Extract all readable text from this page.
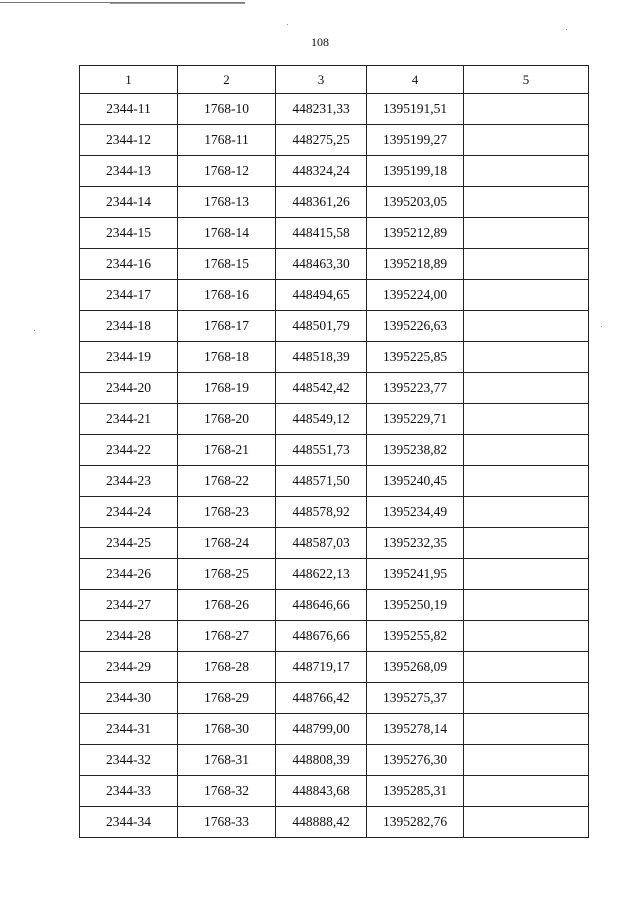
108
1	2	3	4	5
2344-11	1768-10	448231,33	1395191,51	
2344-12	1768-11	448275,25	1395199,27	
2344-13	1768-12	448324,24	1395199,18	
2344-14	1768-13	448361,26	1395203,05	
2344-15	1768-14	448415,58	1395212,89	
2344-16	1768-15	448463,30	1395218,89	
2344-17	1768-16	448494,65	1395224,00	
2344-18	1768-17	448501,79	1395226,63	
2344-19	1768-18	448518,39	1395225,85	
2344-20	1768-19	448542,42	1395223,77	
2344-21	1768-20	448549,12	1395229,71	
2344-22	1768-21	448551,73	1395238,82	
2344-23	1768-22	448571,50	1395240,45	
2344-24	1768-23	448578,92	1395234,49	
2344-25	1768-24	448587,03	1395232,35	
2344-26	1768-25	448622,13	1395241,95	
2344-27	1768-26	448646,66	1395250,19	
2344-28	1768-27	448676,66	1395255,82	
2344-29	1768-28	448719,17	1395268,09	
2344-30	1768-29	448766,42	1395275,37	
2344-31	1768-30	448799,00	1395278,14	
2344-32	1768-31	448808,39	1395276,30	
2344-33	1768-32	448843,68	1395285,31	
2344-34	1768-33	448888,42	1395282,76	
